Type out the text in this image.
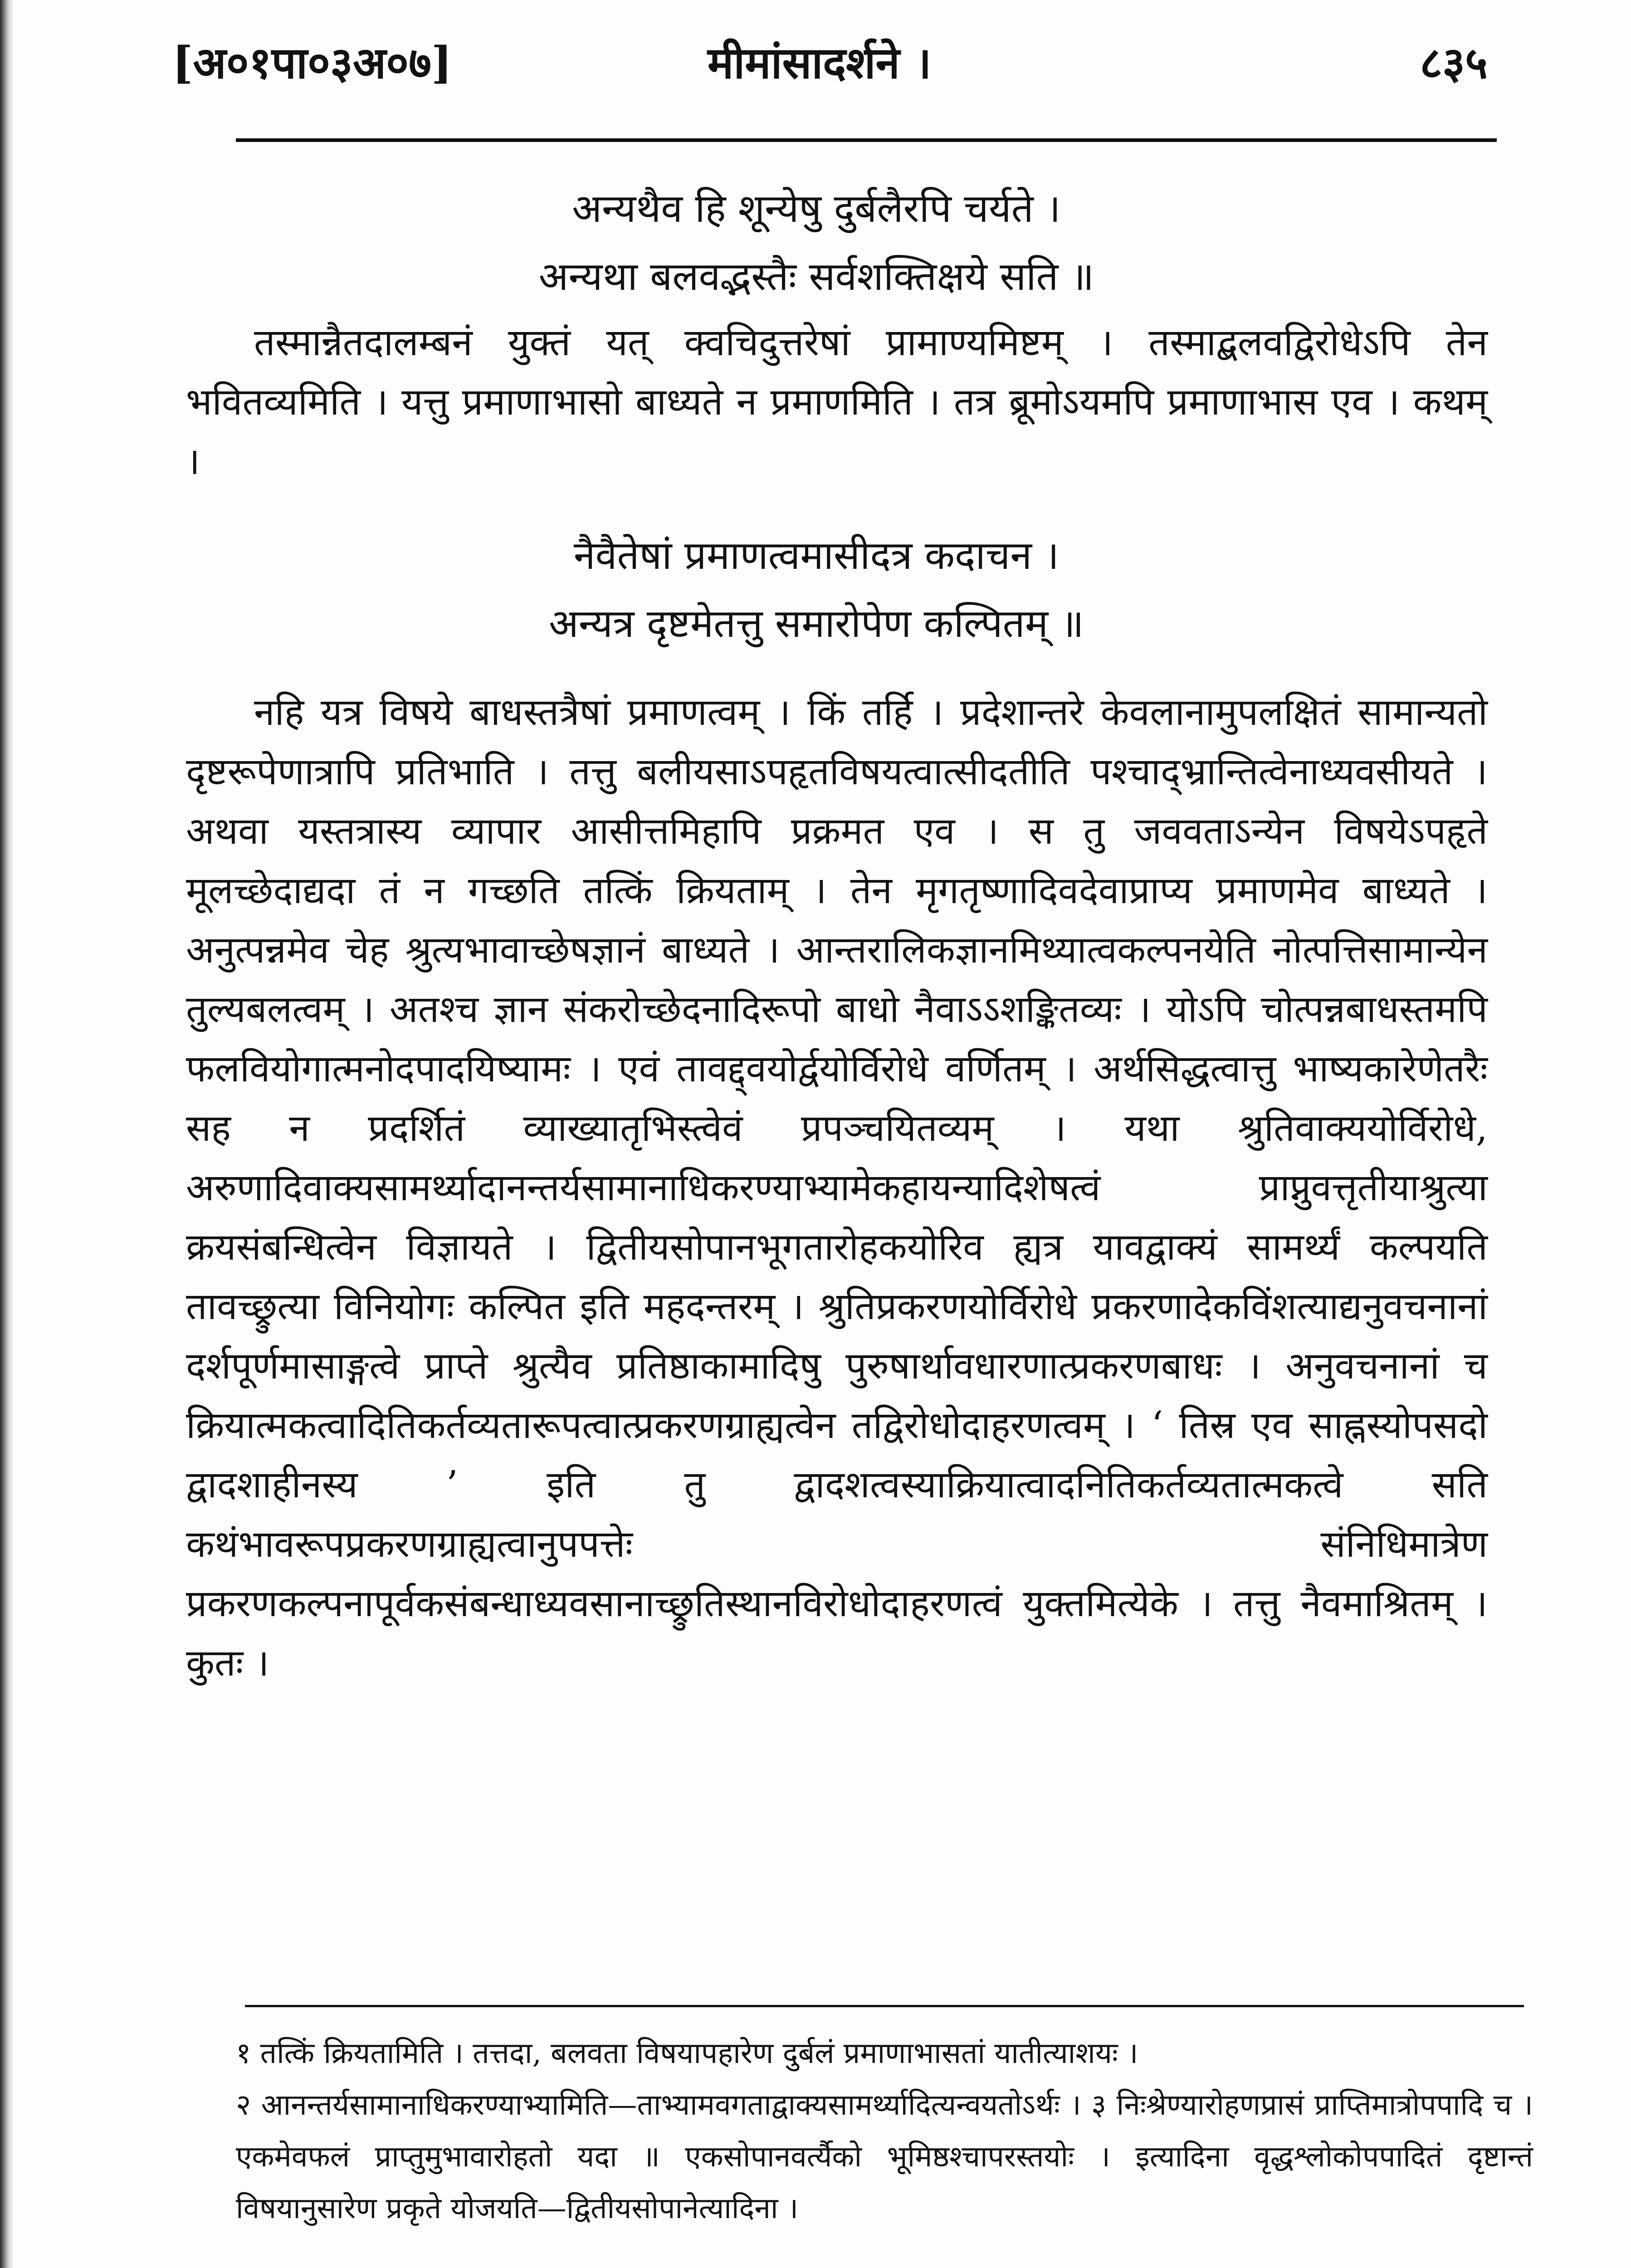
[अ०१पा०३अ०७]	मीमांसादर्शने ।	८३५
अन्यथैव हि शून्येषु दुर्बलैरपि चर्यते ।
अन्यथा बलवद्भस्तैः सर्वशक्तिक्षये सति ॥
तस्मान्नैतदालम्बनं युक्तं यत् क्वचिदुत्तरेषां प्रामाण्यमिष्टम् । तस्माद्बलवद्विरोधेऽपि तेन भवितव्यमिति । यत्तु प्रमाणाभासो बाध्यते न प्रमाणमिति । तत्र ब्रूमोऽयमपि प्रमाणाभास एव । कथम् ।
नैवैतेषां प्रमाणत्वमासीदत्र कदाचन ।
अन्यत्र दृष्टमेतत्तु समारोपेण कल्पितम् ॥
नहि यत्र विषये बाधस्तत्रैषां प्रमाणत्वम् । किं तर्हि । प्रदेशान्तरे केवलानामुपलक्षितं सामान्यतो दृष्टरूपेणात्रापि प्रतिभाति । तत्तु बलीयसाऽपहृतविषयत्वात्सीदतीति पश्चाद्भ्रान्तित्वेनाध्यवसीयते । अथवा यस्तत्रास्य व्यापार आसीत्तमिहापि प्रक्रमत एव । स तु जववताऽन्येन विषयेऽपहृते मूलच्छेदाद्यदा तं न गच्छति तत्किं क्रियताम् । तेन मृगतृष्णादिवदेवाप्राप्य प्रमाणमेव बाध्यते । अनुत्पन्नमेव चेह श्रुत्यभावाच्छेषज्ञानं बाध्यते । आन्तरालिकज्ञानमिथ्यात्वकल्पनयेति नोत्पत्तिसामान्येन तुल्यबलत्वम् । अतश्च ज्ञान संकरोच्छेदनादिरूपो बाधो नैवाऽऽशङ्कितव्यः । योऽपि चोत्पन्नबाधस्तमपि फलवियोगात्मनोदपादयिष्यामः । एवं तावद्द्वयोर्द्वयोर्विरोधे वर्णितम् । अर्थसिद्धत्वात्तु भाष्यकारेणेतरैः सह न प्रदर्शितं व्याख्यातृभिस्त्वेवं प्रपञ्चयितव्यम् । यथा श्रुतिवाक्ययोर्विरोधे, अरुणादिवाक्यसामर्थ्यादानन्तर्यसामानाधिकरण्याभ्यामेकहायन्यादिशेषत्वं प्राप्नुवत्तृतीयाश्रुत्या क्रयसंबन्धित्वेन विज्ञायते । द्वितीयसोपानभूगतारोहकयोरिव ह्यत्र यावद्वाक्यं सामर्थ्यं कल्पयति तावच्छ्रुत्या विनियोगः कल्पित इति महदन्तरम् । श्रुतिप्रकरणयोर्विरोधे प्रकरणादेकविंशत्याद्यनुवचनानां दर्शपूर्णमासाङ्गत्वे प्राप्ते श्रुत्यैव प्रतिष्ठाकामादिषु पुरुषार्थावधारणात्प्रकरणबाधः । अनुवचनानां च क्रियात्मकत्वादितिकर्तव्यतारूपत्वात्प्रकरणग्राह्यत्वेन तद्विरोधोदाहरणत्वम् । ‘ तिस्र एव साह्नस्योपसदो द्वादशाहीनस्य ’ इति तु द्वादशत्वस्याक्रियात्वादनितिकर्तव्यतात्मकत्वे सति कथंभावरूपप्रकरणग्राह्यत्वानुपपत्तेः संनिधिमात्रेण प्रकरणकल्पनापूर्वकसंबन्धाध्यवसानाच्छ्रुतिस्थानविरोधोदाहरणत्वं युक्तमित्येके । तत्तु नैवमाश्रितम् । कुतः ।
१ तत्किं क्रियतामिति । तत्तदा, बलवता विषयापहारेण दुर्बलं प्रमाणाभासतां यातीत्याशयः ।
२ आनन्तर्यसामानाधिकरण्याभ्यामिति—ताभ्यामवगताद्वाक्यसामर्थ्यादित्यन्वयतोऽर्थः । ३ निःश्रेण्यारोहणप्रासं प्राप्तिमात्रोपपादि च । एकमेवफलं प्राप्तुमुभावारोहतो यदा ॥ एकसोपानवर्त्यैको भूमिष्ठश्चापरस्तयोः । इत्यादिना वृद्धश्लोकोपपादितं दृष्टान्तं विषयानुसारेण प्रकृते योजयति—द्वितीयसोपानेत्यादिना ।
